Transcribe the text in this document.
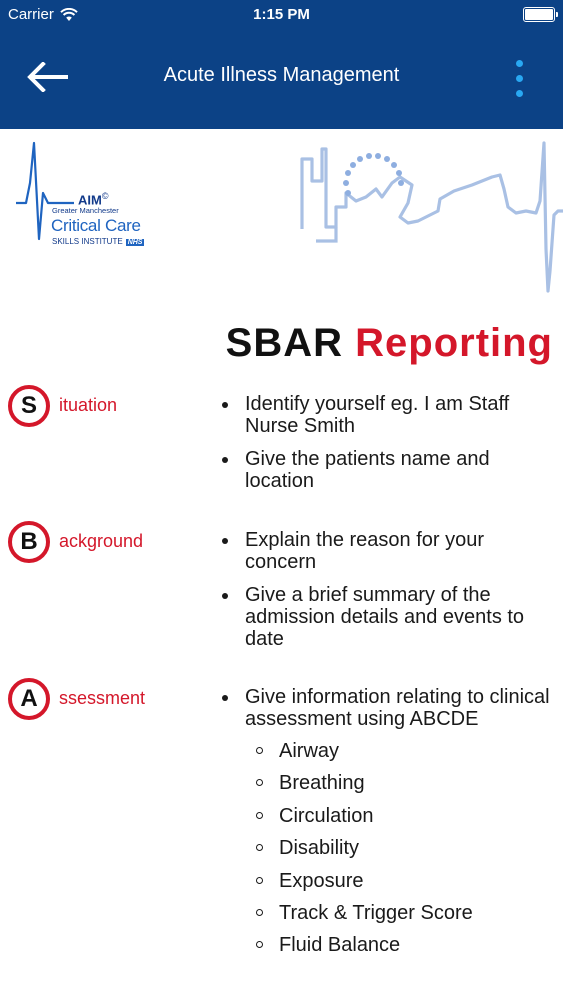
Carrier	1:15 PM
Acute Illness Management
AIM©
Greater Manchester
Critical Care
SKILLS INSTITUTE NHS
SBAR Reporting
S	ituation	Identify yourself eg. I am Staff Nurse Smith
Give the patients name and location
B	ackground	Explain the reason for your concern
Give a brief summary of the admission details and events to date
A	ssessment	Give information relating to clinical assessment using ABCDE
Airway
Breathing
Circulation
Disability
Exposure
Track & Trigger Score
Fluid Balance
